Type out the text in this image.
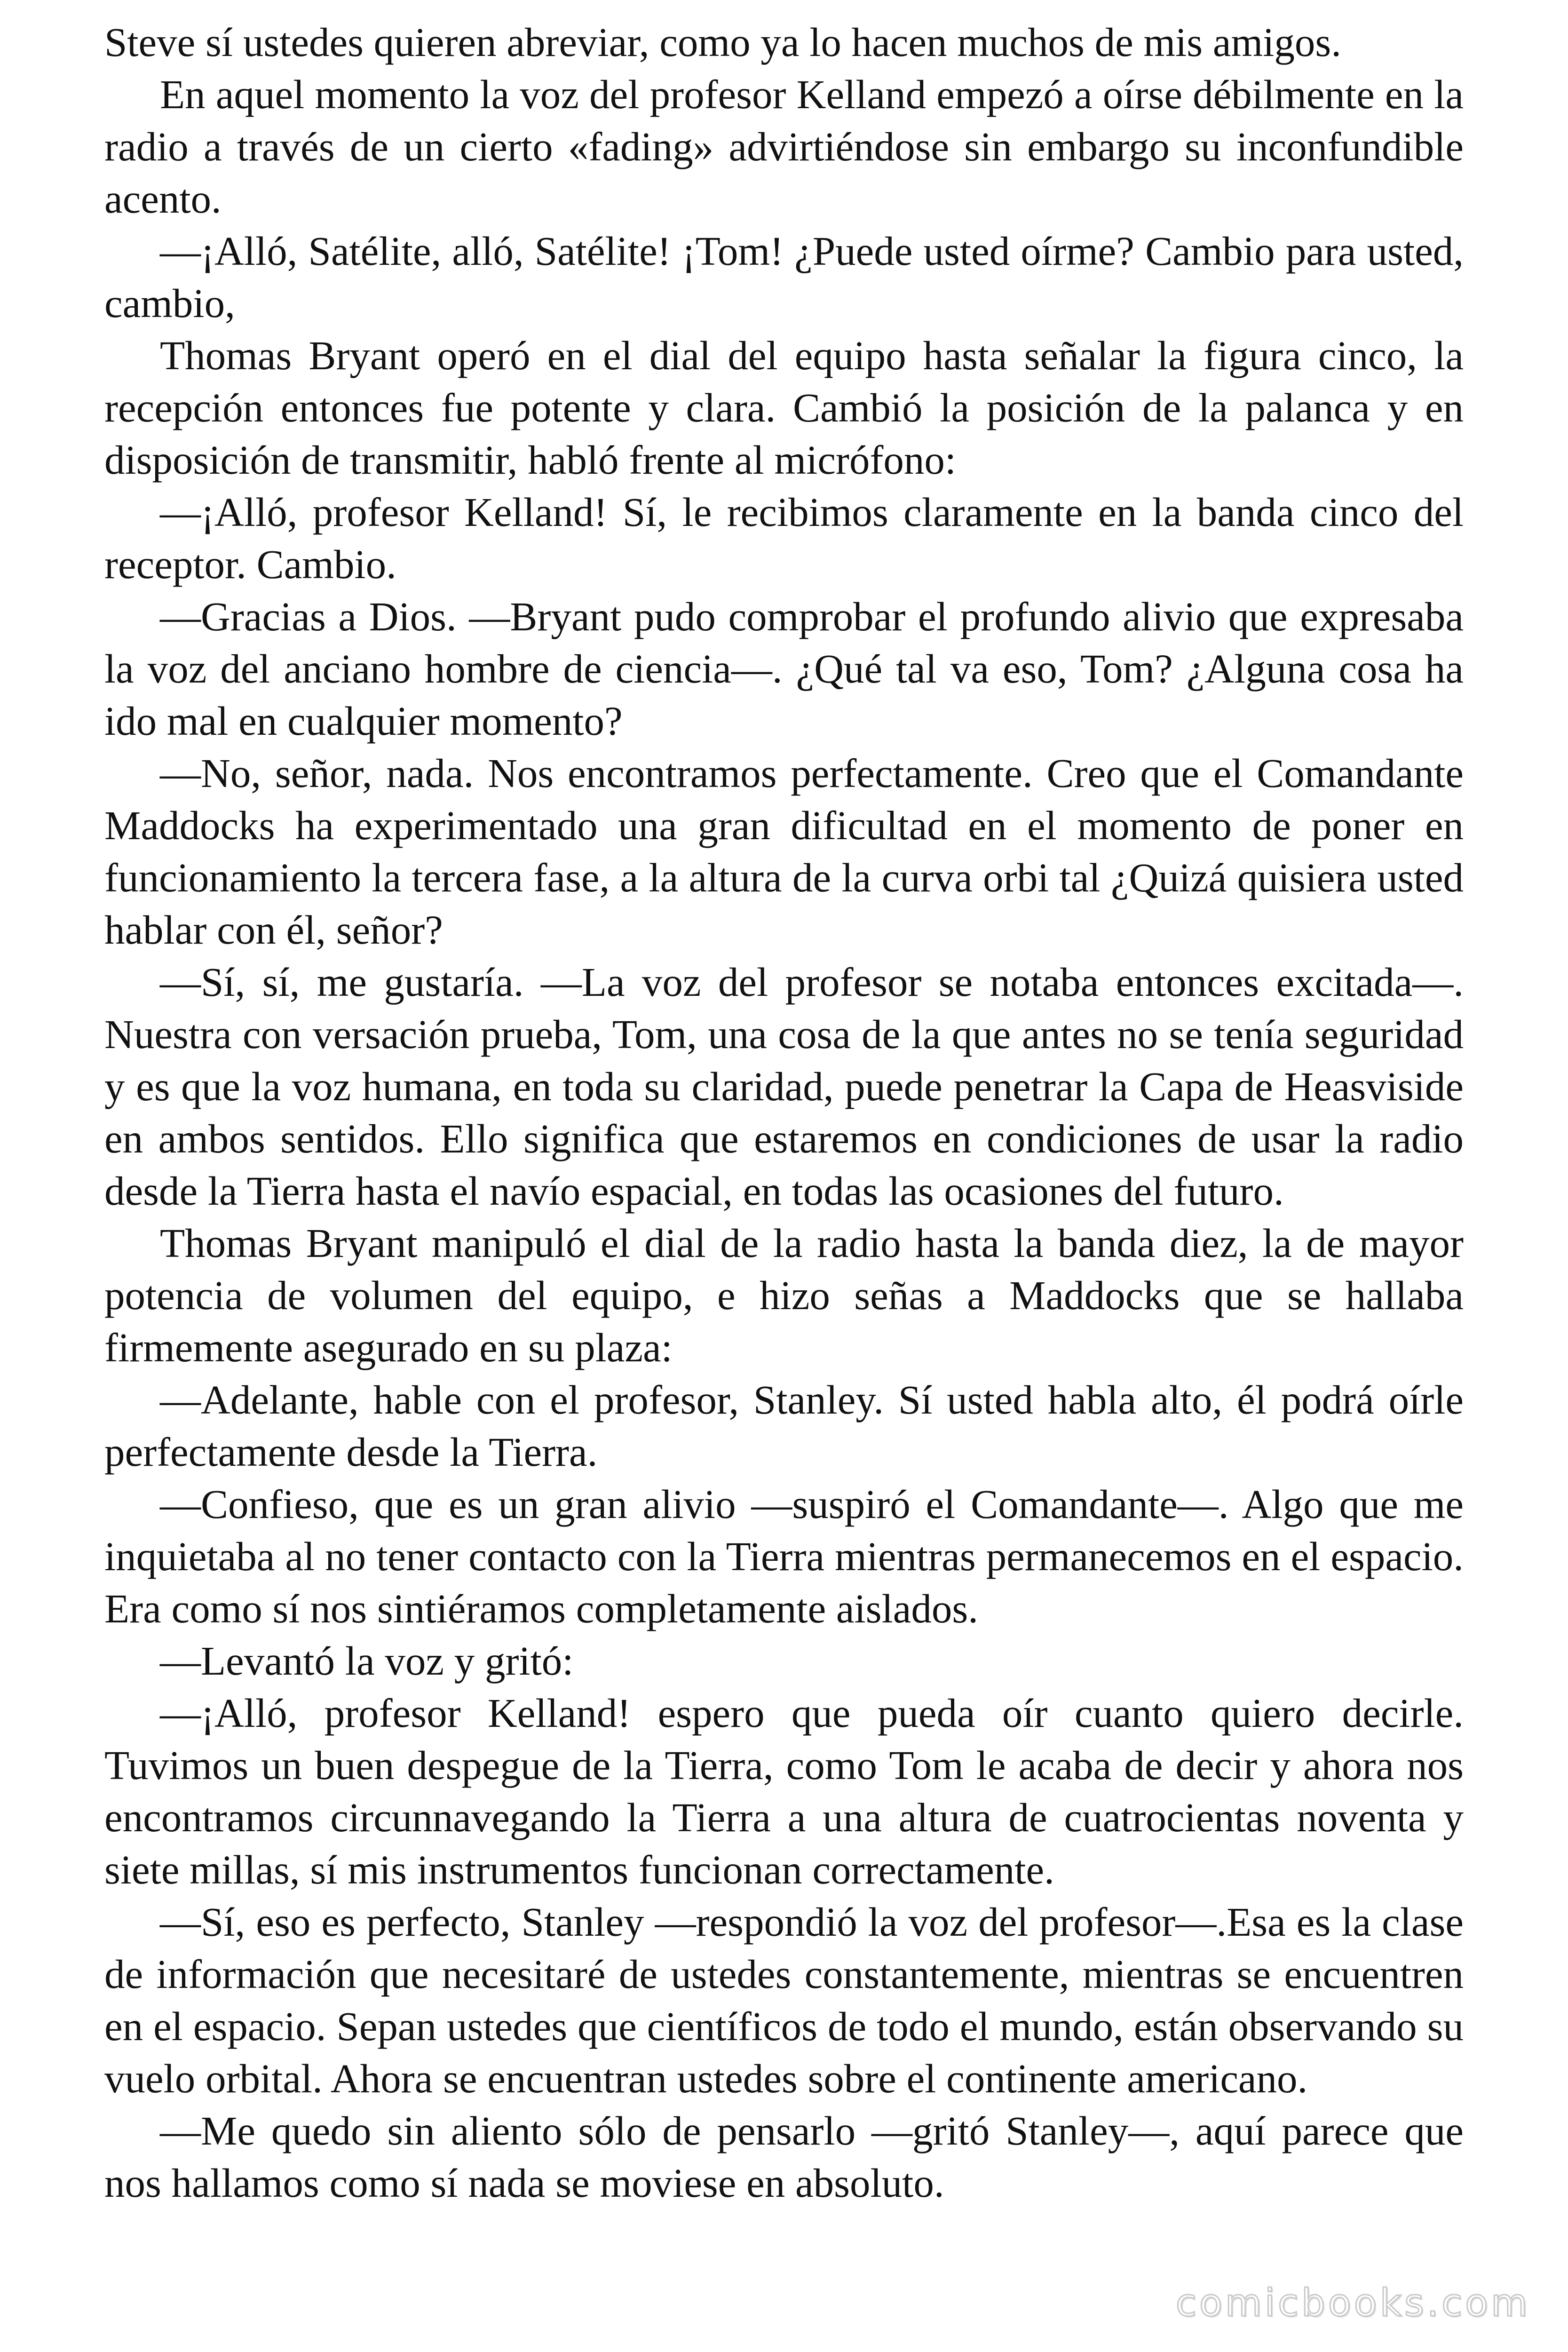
Steve sí ustedes quieren abreviar, como ya lo hacen muchos de mis amigos.

En aquel momento la voz del profesor Kelland empezó a oírse débilmente en la radio a través de un cierto «fading» advirtiéndose sin embargo su inconfundible acento.

—¡Alló, Satélite, alló, Satélite! ¡Tom! ¿Puede usted oírme? Cambio para usted, cambio,

Thomas Bryant operó en el dial del equipo hasta señalar la figura cinco, la recepción entonces fue potente y clara. Cambió la posición de la palanca y en disposición de transmitir, habló frente al micrófono:

—¡Alló, profesor Kelland! Sí, le recibimos claramente en la banda cinco del receptor. Cambio.

—Gracias a Dios. —Bryant pudo comprobar el profundo alivio que expresaba la voz del anciano hombre de ciencia—. ¿Qué tal va eso, Tom? ¿Alguna cosa ha ido mal en cualquier momento?

—No, señor, nada. Nos encontramos perfectamente. Creo que el Comandante Maddocks ha experimentado una gran dificultad en el momento de poner en funcionamiento la tercera fase, a la altura de la curva orbi tal ¿Quizá quisiera usted hablar con él, señor?

—Sí, sí, me gustaría. —La voz del profesor se notaba entonces excitada—. Nuestra con versación prueba, Tom, una cosa de la que antes no se tenía seguridad y es que la voz humana, en toda su claridad, puede penetrar la Capa de Heasviside en ambos sentidos. Ello significa que estaremos en condiciones de usar la radio desde la Tierra hasta el navío espacial, en todas las ocasiones del futuro.

Thomas Bryant manipuló el dial de la radio hasta la banda diez, la de mayor potencia de volumen del equipo, e hizo señas a Maddocks que se hallaba firmemente asegurado en su plaza:

—Adelante, hable con el profesor, Stanley. Sí usted habla alto, él podrá oírle perfectamente desde la Tierra.

—Confieso, que es un gran alivio —suspiró el Comandante—. Algo que me inquietaba al no tener contacto con la Tierra mientras permanecemos en el espacio. Era como sí nos sintiéramos completamente aislados.

—Levantó la voz y gritó:

—¡Alló, profesor Kelland! espero que pueda oír cuanto quiero decirle. Tuvimos un buen despegue de la Tierra, como Tom le acaba de decir y ahora nos encontramos circunnavegando la Tierra a una altura de cuatrocientas noventa y siete millas, sí mis instrumentos funcionan correctamente.

—Sí, eso es perfecto, Stanley —respondió la voz del profesor—.Esa es la clase de información que necesitaré de ustedes constantemente, mientras se encuentren en el espacio. Sepan ustedes que científicos de todo el mundo, están observando su vuelo orbital. Ahora se encuentran ustedes sobre el continente americano.

—Me quedo sin aliento sólo de pensarlo —gritó Stanley—, aquí parece que nos hallamos como sí nada se moviese en absoluto.

comicbooks.com
